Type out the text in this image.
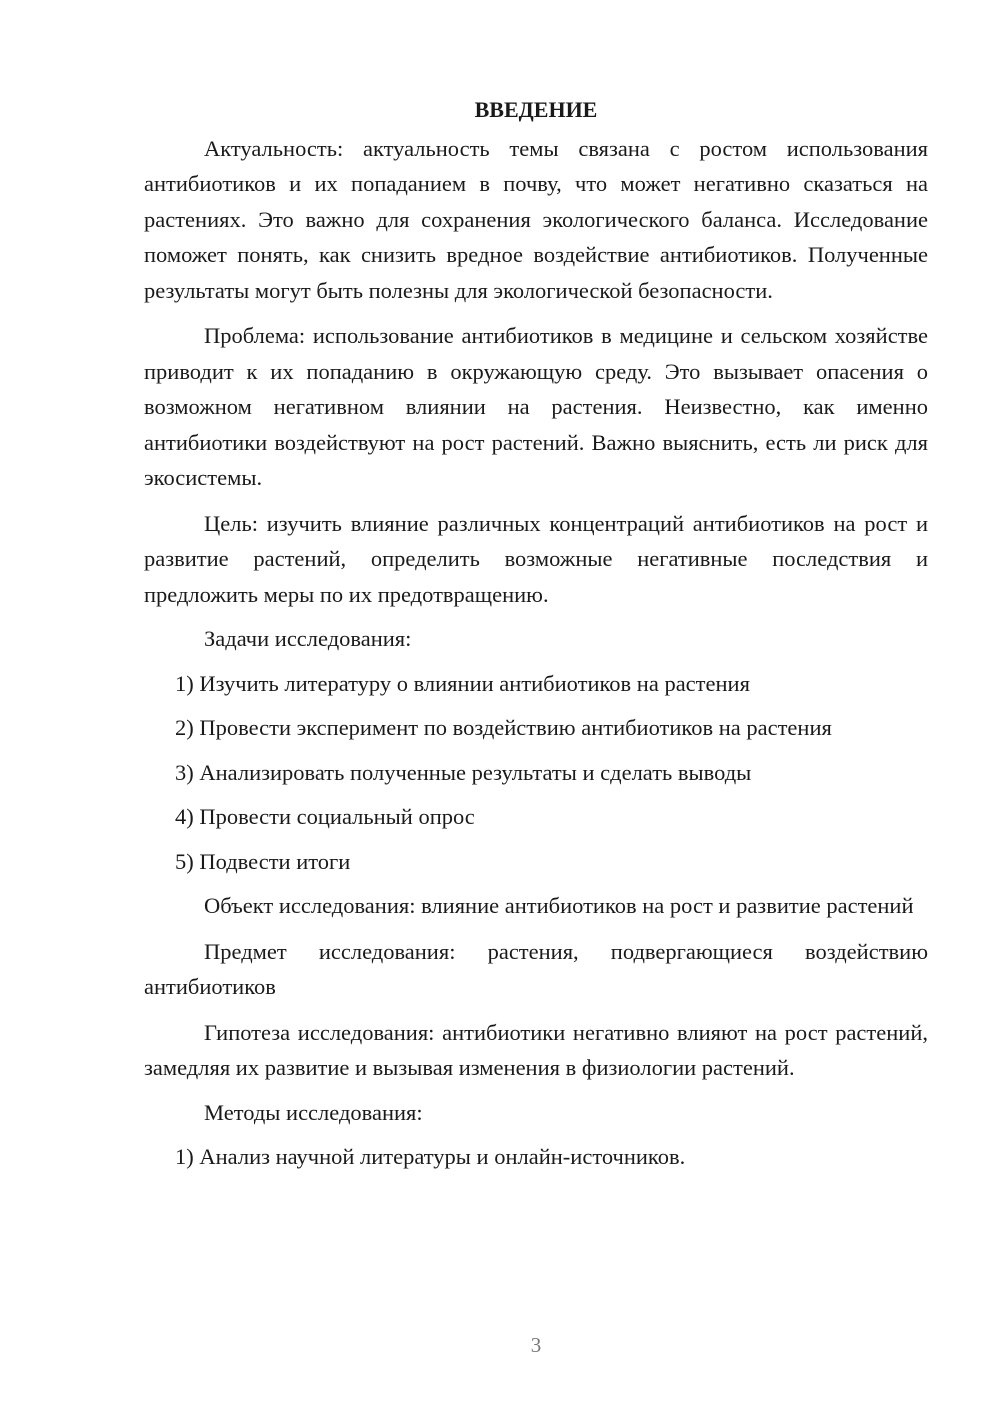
ВВЕДЕНИЕ

Актуальность: актуальность темы связана с ростом использования антибиотиков и их попаданием в почву, что может негативно сказаться на растениях. Это важно для сохранения экологического баланса. Исследование поможет понять, как снизить вредное воздействие антибиотиков. Полученные результаты могут быть полезны для экологической безопасности.

Проблема: использование антибиотиков в медицине и сельском хозяйстве приводит к их попаданию в окружающую среду. Это вызывает опасения о возможном негативном влиянии на растения. Неизвестно, как именно антибиотики воздействуют на рост растений. Важно выяснить, есть ли риск для экосистемы.

Цель: изучить влияние различных концентраций антибиотиков на рост и развитие растений, определить возможные негативные последствия и предложить меры по их предотвращению.

Задачи исследования:

1) Изучить литературу о влиянии антибиотиков на растения

2) Провести эксперимент по воздействию антибиотиков на растения

3) Анализировать полученные результаты и сделать выводы

4) Провести социальный опрос

5) Подвести итоги

Объект исследования: влияние антибиотиков на рост и развитие растений

Предмет исследования: растения, подвергающиеся воздействию антибиотиков

Гипотеза исследования: антибиотики негативно влияют на рост растений, замедляя их развитие и вызывая изменения в физиологии растений.

Методы исследования:

1) Анализ научной литературы и онлайн-источников.

3
